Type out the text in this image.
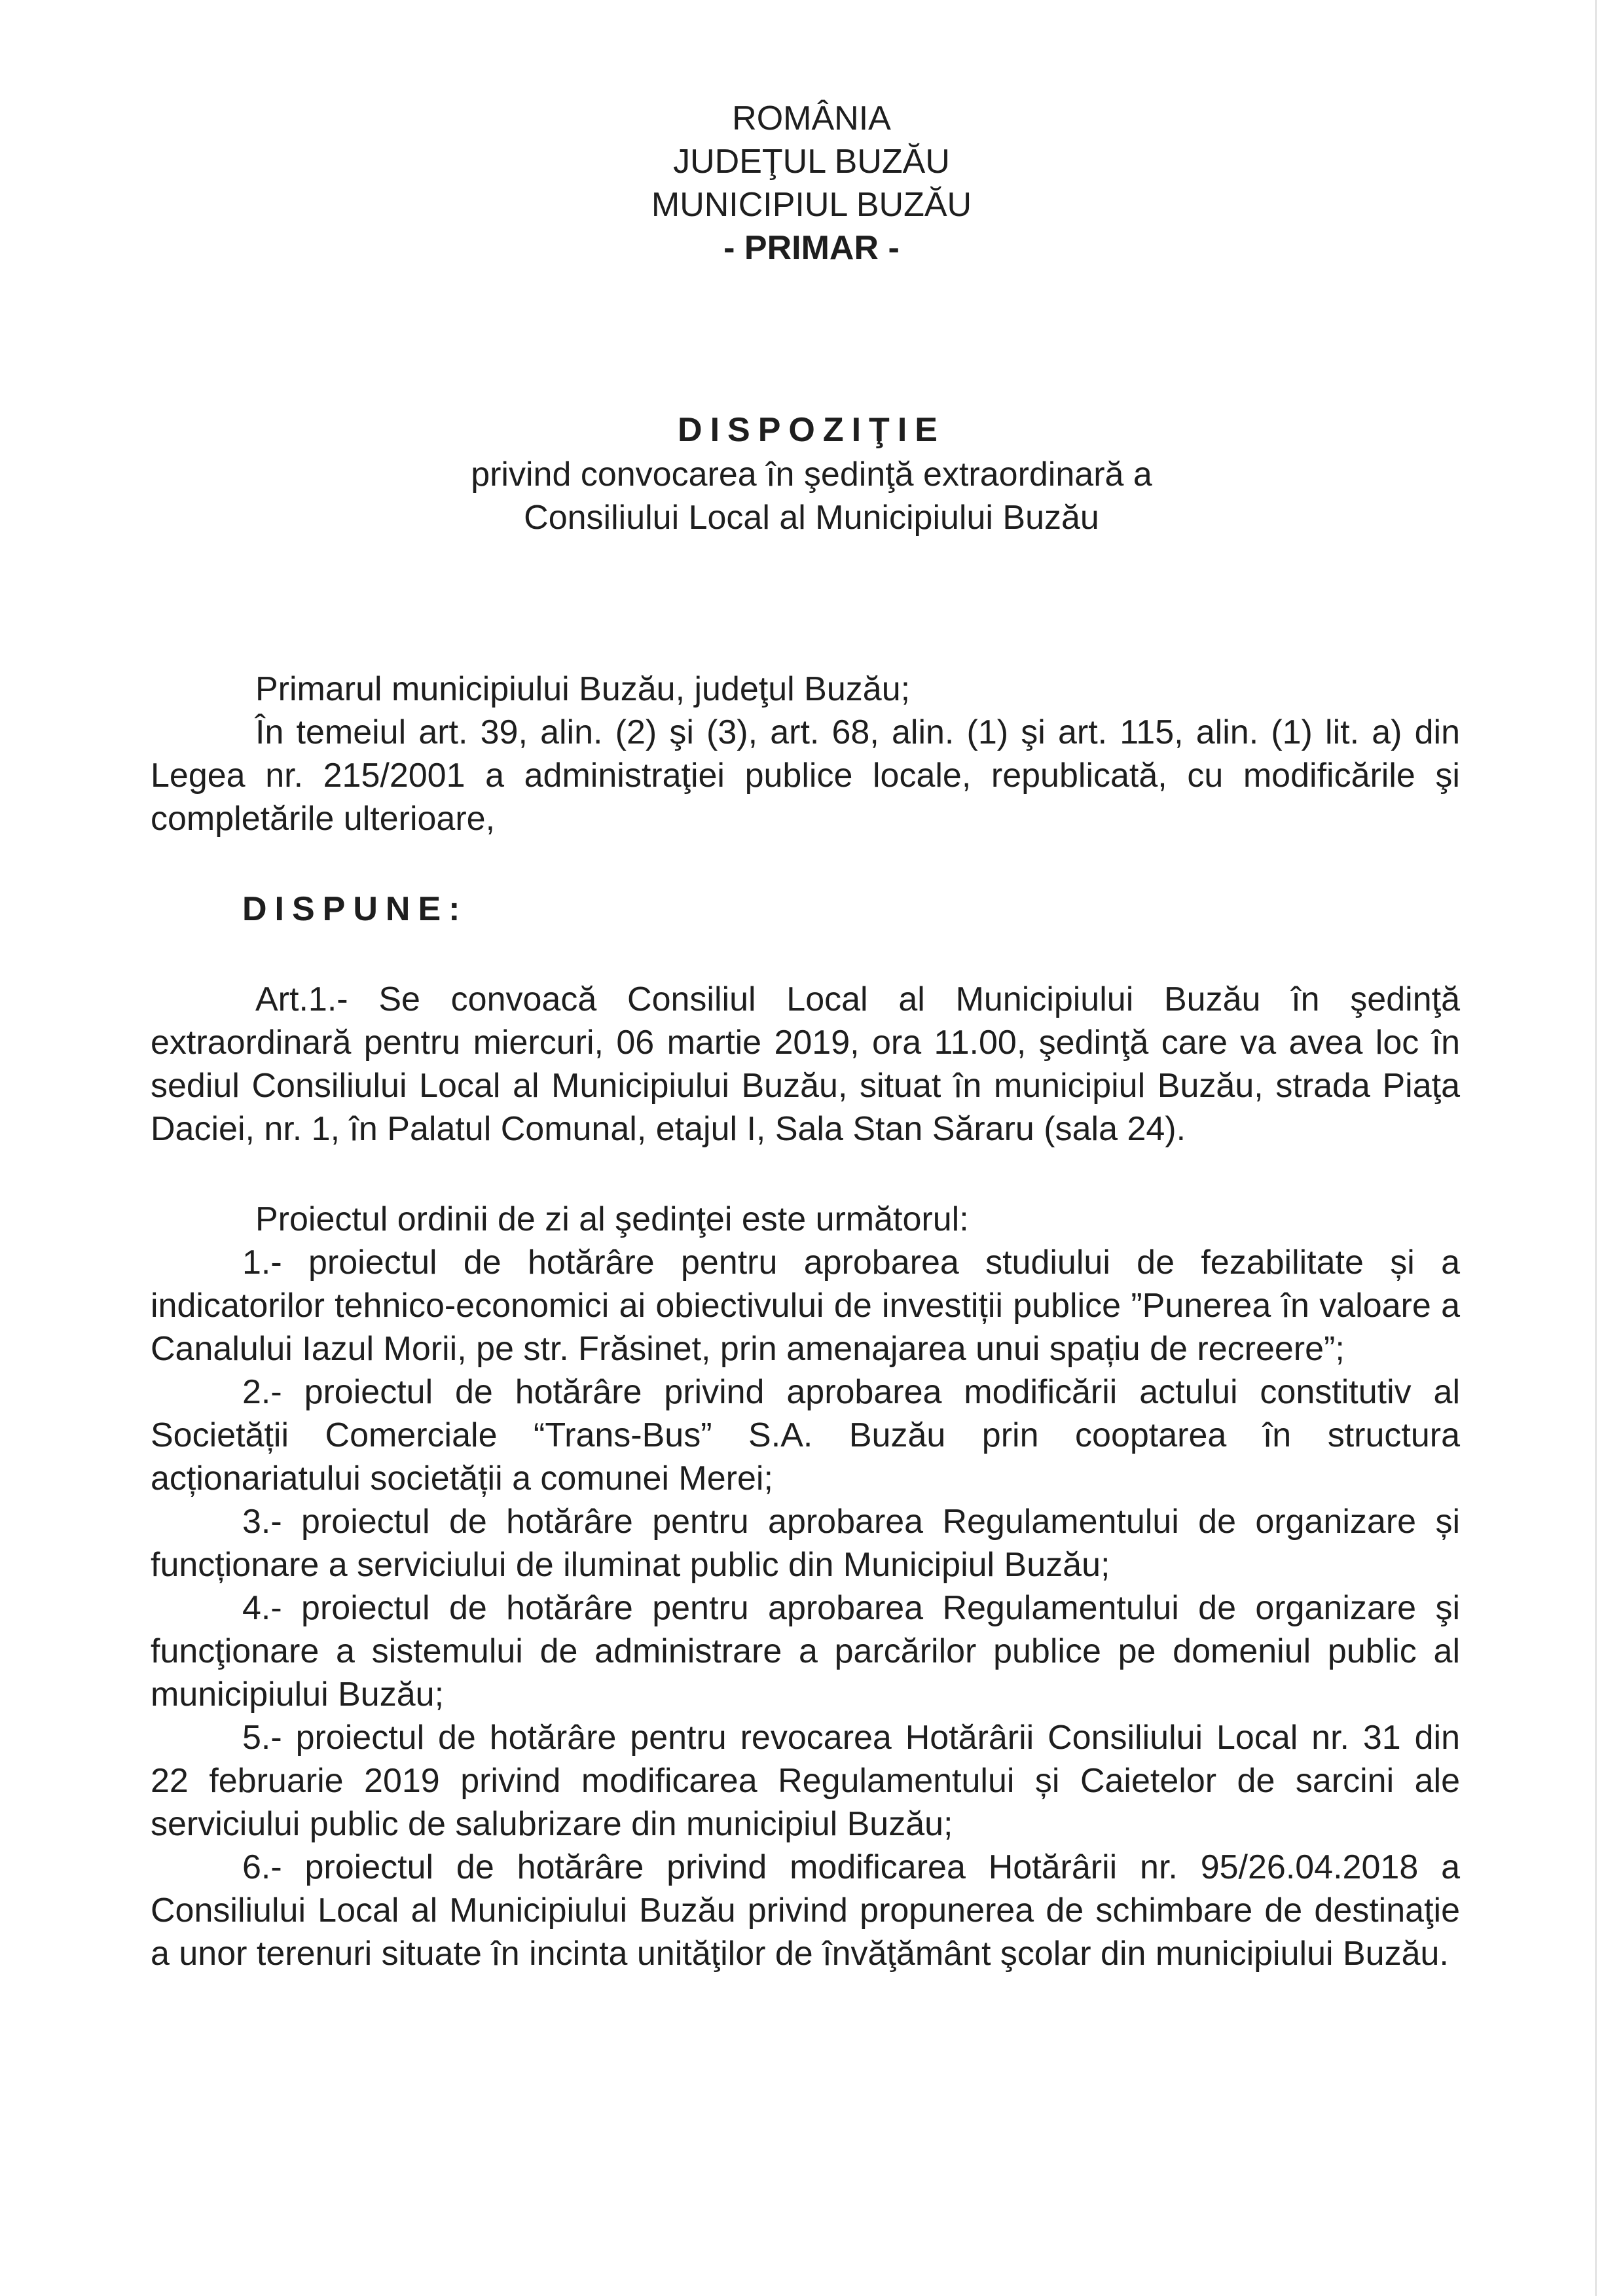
ROMÂNIA
JUDEŢUL BUZĂU
MUNICIPIUL BUZĂU
- PRIMAR -
DISPOZIŢIE
privind convocarea în şedinţă extraordinară a
Consiliului Local al Municipiului Buzău

Primarul municipiului Buzău, judeţul Buzău;

În temeiul art. 39, alin. (2) şi (3), art. 68, alin. (1) şi art. 115, alin. (1) lit. a) din Legea nr. 215/2001 a administraţiei publice locale, republicată, cu modificările şi completările ulterioare,

DISPUNE:

Art.1.- Se convoacă Consiliul Local al Municipiului Buzău în şedinţă extraordinară pentru miercuri, 06 martie 2019, ora 11.00, şedinţă care va avea loc în sediul Consiliului Local al Municipiului Buzău, situat în municipiul Buzău, strada Piaţa Daciei, nr. 1, în Palatul Comunal, etajul I, Sala Stan Săraru (sala 24).

Proiectul ordinii de zi al şedinţei este următorul:

1.- proiectul de hotărâre pentru aprobarea studiului de fezabilitate și a indicatorilor tehnico-economici ai obiectivului de investiții publice ”Punerea în valoare a Canalului Iazul Morii, pe str. Frăsinet, prin amenajarea unui spațiu de recreere”;

2.- proiectul de hotărâre privind aprobarea modificării actului constitutiv al Societății Comerciale “Trans-Bus” S.A. Buzău prin cooptarea în structura acționariatului societății a comunei Merei;

3.- proiectul de hotărâre pentru aprobarea Regulamentului de organizare și funcționare a serviciului de iluminat public din Municipiul Buzău;

4.- proiectul de hotărâre pentru aprobarea Regulamentului de organizare şi funcţionare a sistemului de administrare a parcărilor publice pe domeniul public al municipiului Buzău;

5.- proiectul de hotărâre pentru revocarea Hotărârii Consiliului Local nr. 31 din 22 februarie 2019 privind modificarea Regulamentului și Caietelor de sarcini ale serviciului public de salubrizare din municipiul Buzău;

6.- proiectul de hotărâre privind modificarea Hotărârii nr. 95/26.04.2018 a Consiliului Local al Municipiului Buzău privind propunerea de schimbare de destinaţie a unor terenuri situate în incinta unităţilor de învăţământ şcolar din municipiului Buzău.
